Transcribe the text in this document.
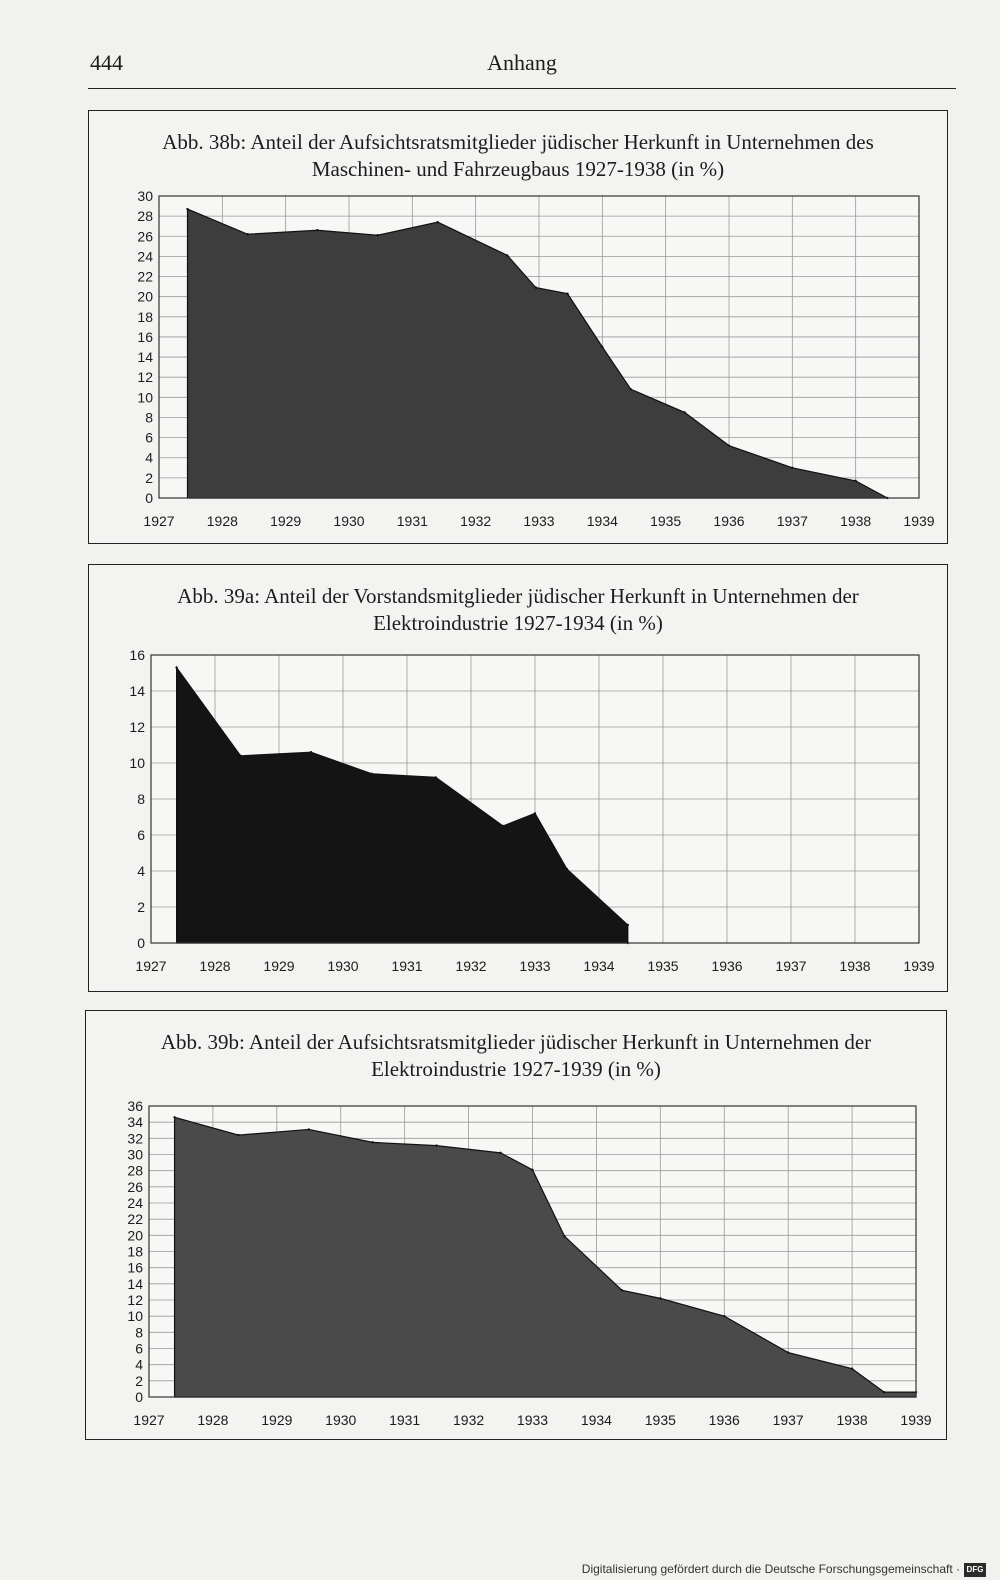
444	Anhang
Abb. 38b: Anteil der Aufsichtsratsmitglieder jüdischer Herkunft in Unternehmen des
Maschinen- und Fahrzeugbaus 1927-1938 (in %)
0
2
4
6
8
10
12
14
16
18
20
22
24
26
28
30
1927 1928 1929 1930 1931 1932 1933 1934 1935 1936 1937 1938 1939
Abb. 39a: Anteil der Vorstandsmitglieder jüdischer Herkunft in Unternehmen der
Elektroindustrie 1927-1934 (in %)
0
2
4
6
8
10
12
14
16
1927 1928 1929 1930 1931 1932 1933 1934 1935 1936 1937 1938 1939
Abb. 39b: Anteil der Aufsichtsratsmitglieder jüdischer Herkunft in Unternehmen der
Elektroindustrie 1927-1939 (in %)
0
2
4
6
8
10
12
14
16
18
20
22
24
26
28
30
32
34
36
1927 1928 1929 1930 1931 1932 1933 1934 1935 1936 1937 1938 1939
Digitalisierung gefördert durch die Deutsche Forschungsgemeinschaft · DFG
